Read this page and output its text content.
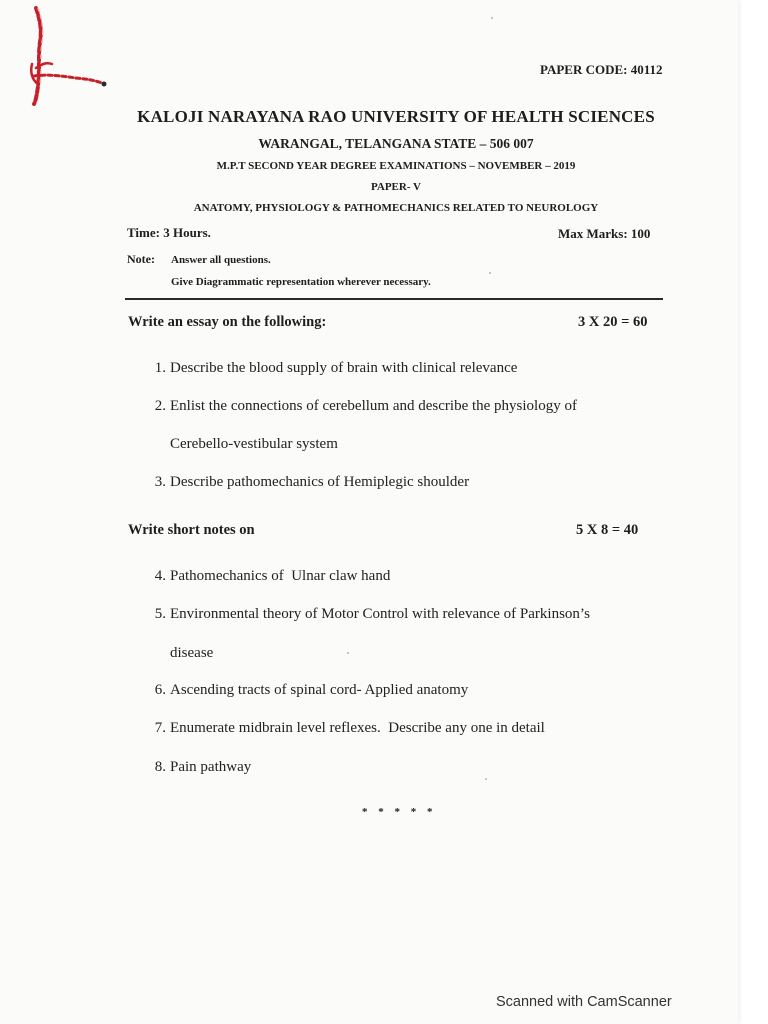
PAPER CODE: 40112
KALOJI NARAYANA RAO UNIVERSITY OF HEALTH SCIENCES
WARANGAL, TELANGANA STATE – 506 007
M.P.T SECOND YEAR DEGREE EXAMINATIONS – NOVEMBER – 2019
PAPER- V
ANATOMY, PHYSIOLOGY & PATHOMECHANICS RELATED TO NEUROLOGY
Time: 3 Hours.	Max Marks: 100
Note: Answer all questions.
Give Diagrammatic representation wherever necessary.
Write an essay on the following:	3 X 20 = 60
1. Describe the blood supply of brain with clinical relevance
2. Enlist the connections of cerebellum and describe the physiology of
Cerebello-vestibular system
3. Describe pathomechanics of Hemiplegic shoulder
Write short notes on	5 X 8 = 40
4. Pathomechanics of  Ulnar claw hand
5. Environmental theory of Motor Control with relevance of Parkinson’s
disease
6. Ascending tracts of spinal cord- Applied anatomy
7. Enumerate midbrain level reflexes.  Describe any one in detail
8. Pain pathway
* * * * *
Scanned with CamScanner
